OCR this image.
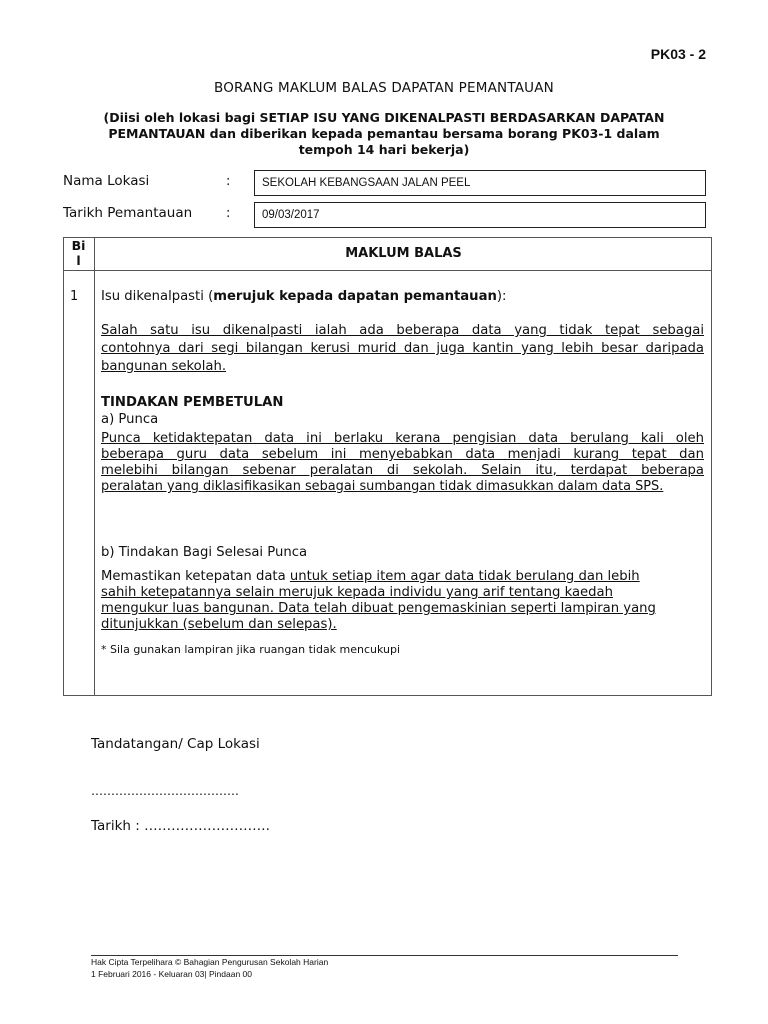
PK03 - 2
BORANG MAKLUM BALAS DAPATAN PEMANTAUAN
(Diisi oleh lokasi bagi SETIAP ISU YANG DIKENALPASTI BERDASARKAN DAPATAN
PEMANTAUAN dan diberikan kepada pemantau bersama borang PK03-1 dalam
tempoh 14 hari bekerja)
Nama Lokasi	:	SEKOLAH KEBANGSAAN JALAN PEEL
Tarikh Pemantauan	:	09/03/2017
Bi
l	MAKLUM BALAS
1 Isu dikenalpasti (merujuk kepada dapatan pemantauan):
Salah satu isu dikenalpasti ialah ada beberapa data yang tidak tepat sebagai
contohnya dari segi bilangan kerusi murid dan juga kantin yang lebih besar daripada
bangunan sekolah.
TINDAKAN PEMBETULAN
a) Punca
Punca ketidaktepatan data ini berlaku kerana pengisian data berulang kali oleh
beberapa guru data sebelum ini menyebabkan data menjadi kurang tepat dan
melebihi bilangan sebenar peralatan di sekolah. Selain itu, terdapat beberapa
peralatan yang diklasifikasikan sebagai sumbangan tidak dimasukkan dalam data SPS.
b) Tindakan Bagi Selesai Punca
Memastikan ketepatan data untuk setiap item agar data tidak berulang dan lebih
sahih ketepatannya selain merujuk kepada individu yang arif tentang kaedah
mengukur luas bangunan. Data telah dibuat pengemaskinian seperti lampiran yang
ditunjukkan (sebelum dan selepas).
* Sila gunakan lampiran jika ruangan tidak mencukupi
Tandatangan/ Cap Lokasi
……………………………….
Tarikh : ……………………….
Hak Cipta Terpelihara © Bahagian Pengurusan Sekolah Harian
1 Februari 2016 - Keluaran 03| Pindaan 00
